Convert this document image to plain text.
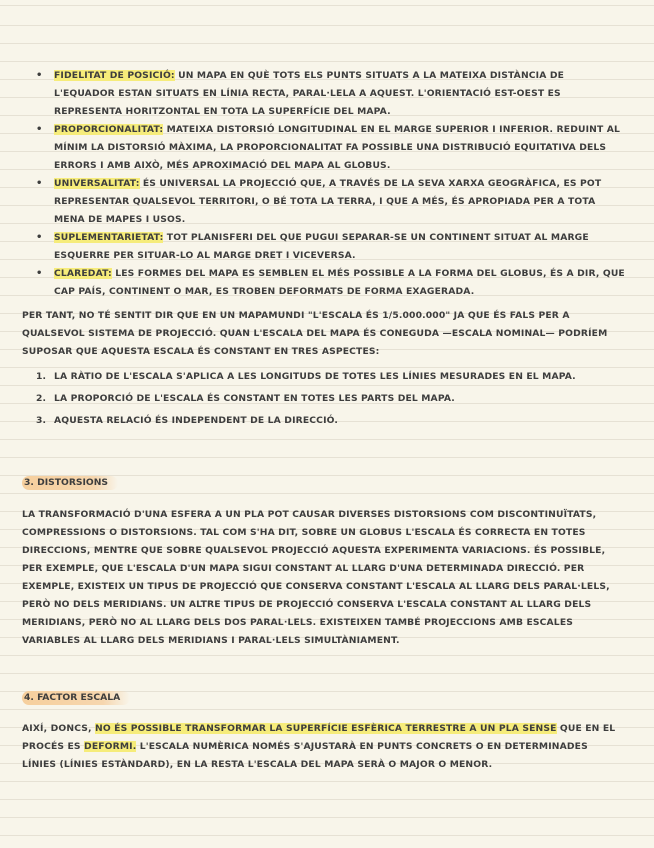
• FIDELITAT DE POSICIÓ: UN MAPA EN QUÈ TOTS ELS PUNTS SITUATS A LA MATEIXA DISTÀNCIA DE L'EQUADOR ESTAN SITUATS EN LÍNIA RECTA, PARAL·LELA A AQUEST. L'ORIENTACIÓ EST-OEST ES REPRESENTA HORITZONTAL EN TOTA LA SUPERFÍCIE DEL MAPA.
• PROPORCIONALITAT: MATEIXA DISTORSIÓ LONGITUDINAL EN EL MARGE SUPERIOR I INFERIOR. REDUINT AL MÍNIM LA DISTORSIÓ MÀXIMA, LA PROPORCIONALITAT FA POSSIBLE UNA DISTRIBUCIÓ EQUITATIVA DELS ERRORS I AMB AIXÒ, MÉS APROXIMACIÓ DEL MAPA AL GLOBUS.
• UNIVERSALITAT: ÉS UNIVERSAL LA PROJECCIÓ QUE, A TRAVÉS DE LA SEVA XARXA GEOGRÀFICA, ES POT REPRESENTAR QUALSEVOL TERRITORI, O BÉ TOTA LA TERRA, I QUE A MÉS, ÉS APROPIADA PER A TOTA MENA DE MAPES I USOS.
• SUPLEMENTARIETAT: TOT PLANISFERI DEL QUE PUGUI SEPARAR-SE UN CONTINENT SITUAT AL MARGE ESQUERRE PER SITUAR-LO AL MARGE DRET I VICEVERSA.
• CLAREDAT: LES FORMES DEL MAPA ES SEMBLEN EL MÉS POSSIBLE A LA FORMA DEL GLOBUS, ÉS A DIR, QUE CAP PAÍS, CONTINENT O MAR, ES TROBEN DEFORMATS DE FORMA EXAGERADA.

PER TANT, NO TÉ SENTIT DIR QUE EN UN MAPAMUNDI "L'ESCALA ÉS 1/5.000.000" JA QUE ÉS FALS PER A QUALSEVOL SISTEMA DE PROJECCIÓ. QUAN L'ESCALA DEL MAPA ÉS CONEGUDA —ESCALA NOMINAL— PODRÍEM SUPOSAR QUE AQUESTA ESCALA ÉS CONSTANT EN TRES ASPECTES:

1. LA RÀTIO DE L'ESCALA S'APLICA A LES LONGITUDS DE TOTES LES LÍNIES MESURADES EN EL MAPA.
2. LA PROPORCIÓ DE L'ESCALA ÉS CONSTANT EN TOTES LES PARTS DEL MAPA.
3. AQUESTA RELACIÓ ÉS INDEPENDENT DE LA DIRECCIÓ.
3. DISTORSIONS

LA TRANSFORMACIÓ D'UNA ESFERA A UN PLA POT CAUSAR DIVERSES DISTORSIONS COM DISCONTINUÏTATS, COMPRESSIONS O DISTORSIONS. TAL COM S'HA DIT, SOBRE UN GLOBUS L'ESCALA ÉS CORRECTA EN TOTES DIRECCIONS, MENTRE QUE SOBRE QUALSEVOL PROJECCIÓ AQUESTA EXPERIMENTA VARIACIONS. ÉS POSSIBLE, PER EXEMPLE, QUE L'ESCALA D'UN MAPA SIGUI CONSTANT AL LLARG D'UNA DETERMINADA DIRECCIÓ. PER EXEMPLE, EXISTEIX UN TIPUS DE PROJECCIÓ QUE CONSERVA CONSTANT L'ESCALA AL LLARG DELS PARAL·LELS, PERÒ NO DELS MERIDIANS. UN ALTRE TIPUS DE PROJECCIÓ CONSERVA L'ESCALA CONSTANT AL LLARG DELS MERIDIANS, PERÒ NO AL LLARG DELS DOS PARAL·LELS. EXISTEIXEN TAMBÉ PROJECCIONS AMB ESCALES VARIABLES AL LLARG DELS MERIDIANS I PARAL·LELS SIMULTÀNIAMENT.

4. FACTOR ESCALA

AIXÍ, DONCS, NO ÉS POSSIBLE TRANSFORMAR LA SUPERFÍCIE ESFÈRICA TERRESTRE A UN PLA SENSE QUE EN EL PROCÉS ES DEFORMI. L'ESCALA NUMÈRICA NOMÉS S'AJUSTARÀ EN PUNTS CONCRETS O EN DETERMINADES LÍNIES (LÍNIES ESTÀNDARD), EN LA RESTA L'ESCALA DEL MAPA SERÀ O MAJOR O MENOR.
